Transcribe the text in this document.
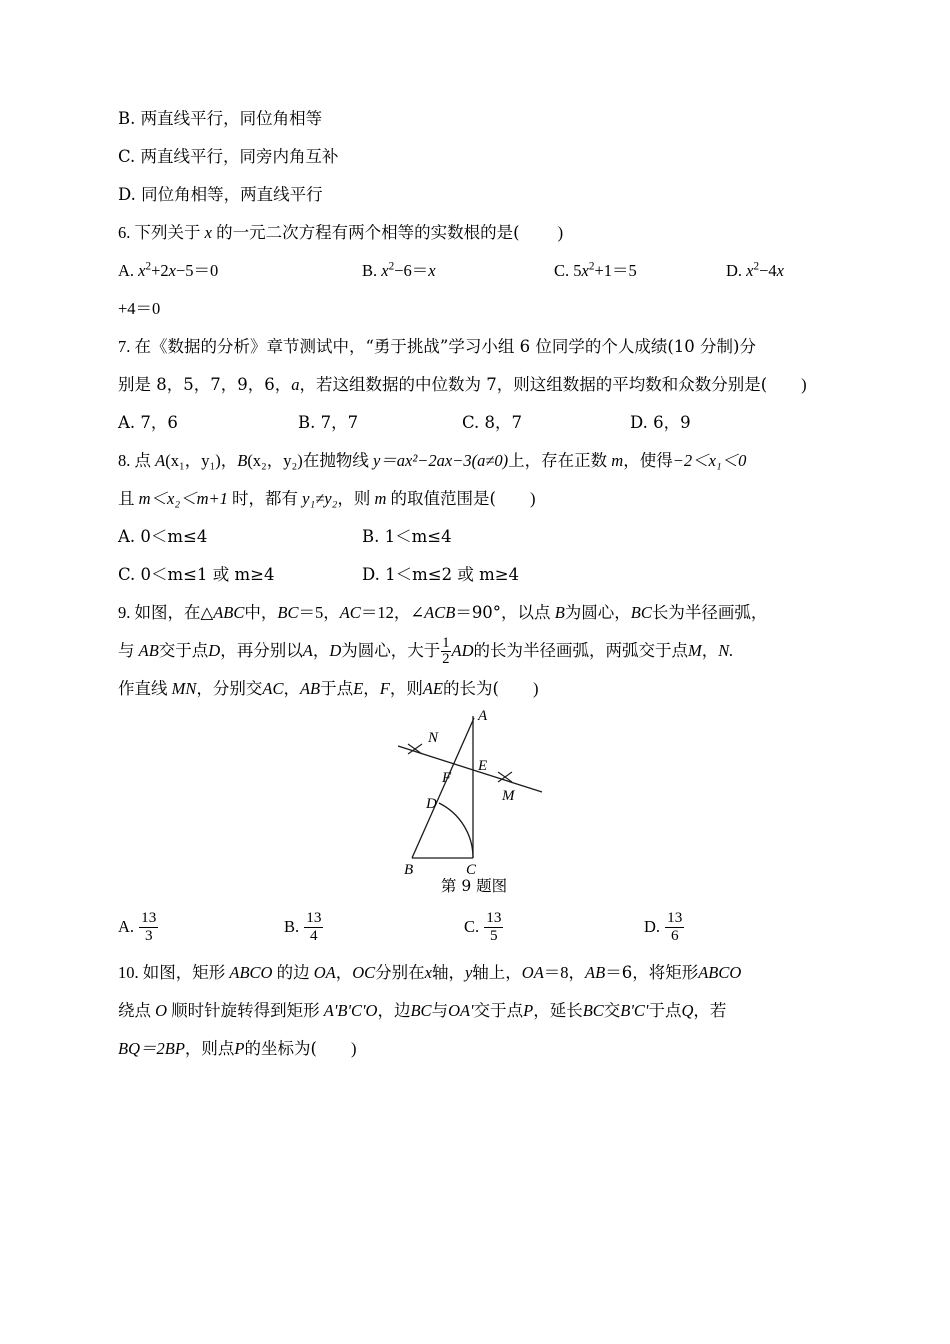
B. 两直线平行，同位角相等
C. 两直线平行，同旁内角互补
D. 同位角相等，两直线平行
6. 下列关于 x 的一元二次方程有两个相等的实数根的是( )
A. $x^2+2x-5=0$	B. $x^2-6=x$	C. $5x^2+1=5$	D. $x^2-4x$
+4＝0
7. 在《数据的分析》章节测试中，“勇于挑战”学习小组 6 位同学的个人成绩(10 分制)分
别是 8，5，7，9，6，a，若这组数据的中位数为 7，则这组数据的平均数和众数分别是( )
A. 7，6	B. 7，7	C. 8，7	D. 6，9
8. 点 A(x₁，y₁)，B(x₂，y₂)在抛物线 y＝ax²−2ax−3(a≠0)上，存在正数 m，使得−2＜x₁＜0
且 m＜x₂＜m+1 时，都有 y₁≠y₂，则 m 的取值范围是( )
A. 0＜m≤4	B. 1＜m≤4
C. 0＜m≤1 或 m≥4	D. 1＜m≤2 或 m≥4
9. 如图，在△ABC中，BC＝5，AC＝12，∠ACB＝90°，以点 B为圆心，BC长为半径画弧，
与 AB交于点D，再分别以A，D为圆心，大于 $\frac{1}{2}$ AD的长为半径画弧，两弧交于点M，N.
作直线 MN，分别交AC，AB于点E，F，则AE的长为( )
A
B	C
D
E
F
M
N
第 9 题图
A. $\frac{13}{3}$	B. $\frac{13}{4}$	C. $\frac{13}{5}$	D. $\frac{13}{6}$
10. 如图，矩形 ABCO 的边 OA，OC分别在x轴，y轴上，OA＝8，AB＝6，将矩形ABCO
绕点 O 顺时针旋转得到矩形 A'B'C'O，边BC与OA'交于点P，延长BC交B'C'于点Q，若
BQ＝2BP，则点P的坐标为( )
